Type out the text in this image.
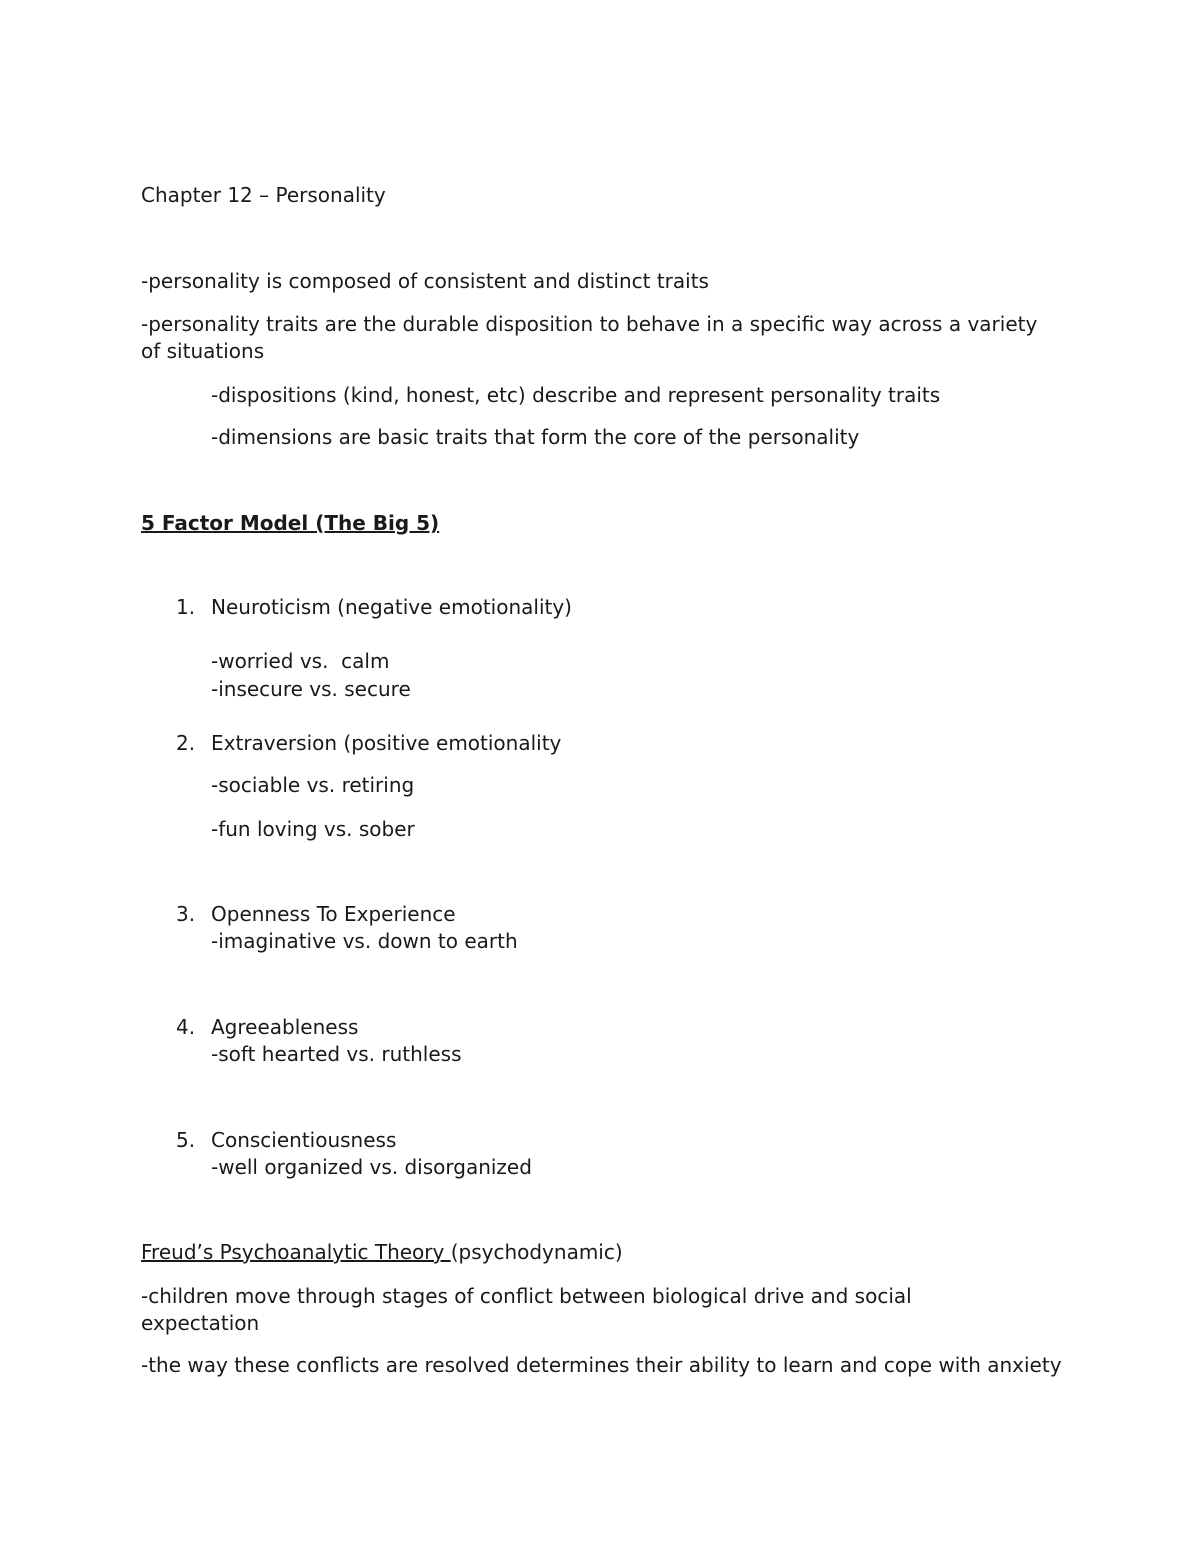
Chapter 12 – Personality
-personality is composed of consistent and distinct traits
-personality traits are the durable disposition to behave in a specific way across a variety of situations
-dispositions (kind, honest, etc) describe and represent personality traits
-dimensions are basic traits that form the core of the personality
5 Factor Model (The Big 5)
1. Neuroticism (negative emotionality)
-worried vs.  calm
-insecure vs. secure
2. Extraversion (positive emotionality
-sociable vs. retiring
-fun loving vs. sober
3. Openness To Experience
-imaginative vs. down to earth
4. Agreeableness
-soft hearted vs. ruthless
5. Conscientiousness
-well organized vs. disorganized
Freud’s Psychoanalytic Theory (psychodynamic)
-children move through stages of conflict between biological drive and social expectation
-the way these conflicts are resolved determines their ability to learn and cope with anxiety
